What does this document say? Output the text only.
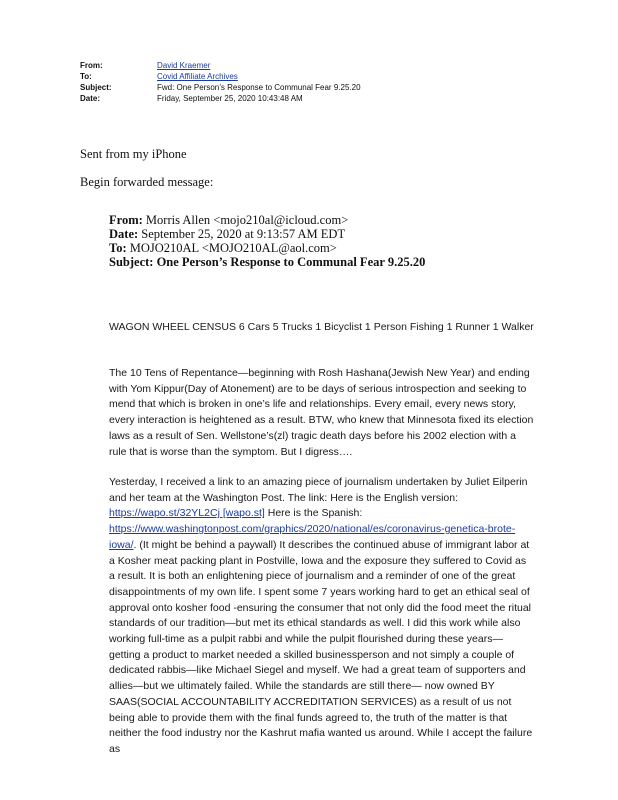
From:	David Kraemer
To:	Covid Affiliate Archives
Subject:	Fwd: One Person’s Response to Communal Fear 9.25.20
Date:	Friday, September 25, 2020 10:43:48 AM
Sent from my iPhone
Begin forwarded message:
From: Morris Allen <mojo210al@icloud.com>
Date: September 25, 2020 at 9:13:57 AM EDT
To: MOJO210AL <MOJO210AL@aol.com>
Subject: One Person’s Response to Communal Fear 9.25.20

WAGON WHEEL CENSUS 6 Cars 5 Trucks 1 Bicyclist 1 Person Fishing 1 Runner 1 Walker

The 10 Tens of Repentance—beginning with Rosh Hashana(Jewish New Year) and ending with Yom Kippur(Day of Atonement) are to be days of serious introspection and seeking to mend that which is broken in one’s life and relationships. Every email, every news story, every interaction is heightened as a result. BTW, who knew that Minnesota fixed its election laws as a result of Sen. Wellstone’s(zl) tragic death days before his 2002 election with a rule that is worse than the symptom. But I digress….

Yesterday, I received a link to an amazing piece of journalism undertaken by Juliet Eilperin and her team at the Washington Post. The link: Here is the English version: https://wapo.st/32YL2Cj [wapo.st] Here is the Spanish: https://www.washingtonpost.com/graphics/2020/national/es/coronavirus-genetica-brote-iowa/. (It might be behind a paywall) It describes the continued abuse of immigrant labor at a Kosher meat packing plant in Postville, Iowa and the exposure they suffered to Covid as a result. It is both an enlightening piece of journalism and a reminder of one of the great disappointments of my own life. I spent some 7 years working hard to get an ethical seal of approval onto kosher food -ensuring the consumer that not only did the food meet the ritual standards of our tradition—but met its ethical standards as well. I did this work while also working full-time as a pulpit rabbi and while the pulpit flourished during these years—getting a product to market needed a skilled businessperson and not simply a couple of dedicated rabbis—like Michael Siegel and myself. We had a great team of supporters and allies—but we ultimately failed. While the standards are still there— now owned BY SAAS(SOCIAL ACCOUNTABILITY ACCREDITATION SERVICES) as a result of us not being able to provide them with the final funds agreed to, the truth of the matter is that neither the food industry nor the Kashrut mafia wanted us around. While I accept the failure as
